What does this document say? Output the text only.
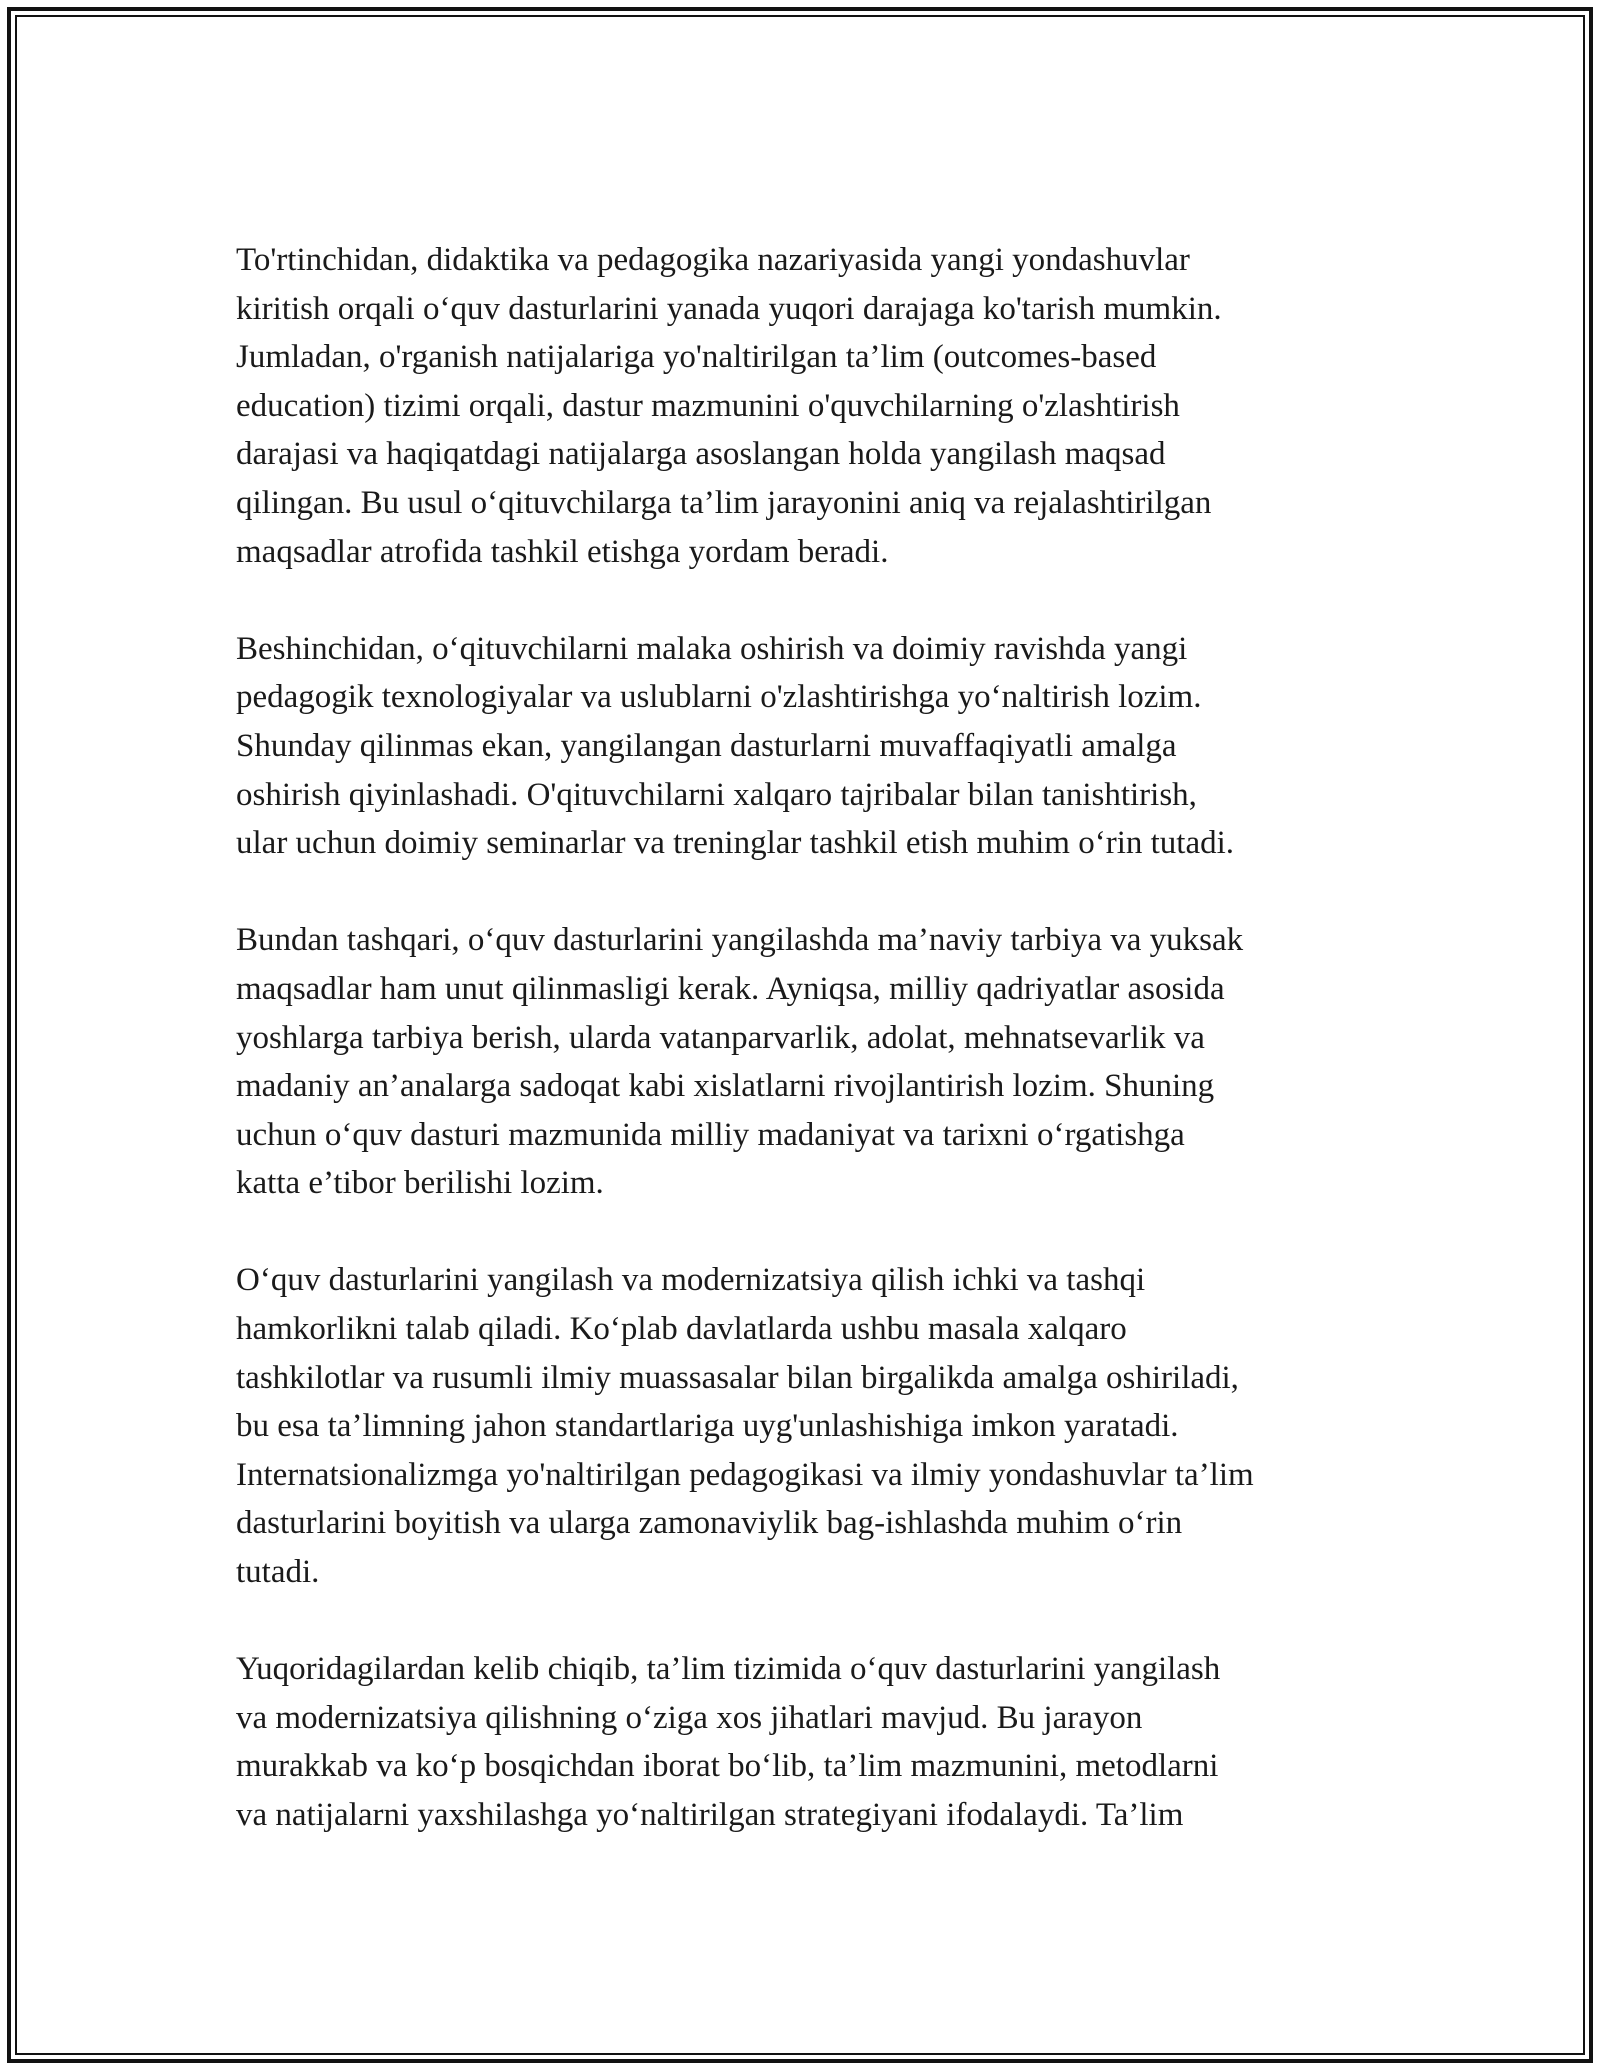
To'rtinchidan, didaktika va pedagogika nazariyasida yangi yondashuvlar
kiritish orqali o‘quv dasturlarini yanada yuqori darajaga ko'tarish mumkin.
Jumladan, o'rganish natijalariga yo'naltirilgan ta’lim (outcomes-based
education) tizimi orqali, dastur mazmunini o'quvchilarning o'zlashtirish
darajasi va haqiqatdagi natijalarga asoslangan holda yangilash maqsad
qilingan. Bu usul o‘qituvchilarga ta’lim jarayonini aniq va rejalashtirilgan
maqsadlar atrofida tashkil etishga yordam beradi.

Beshinchidan, o‘qituvchilarni malaka oshirish va doimiy ravishda yangi
pedagogik texnologiyalar va uslublarni o'zlashtirishga yo‘naltirish lozim.
Shunday qilinmas ekan, yangilangan dasturlarni muvaffaqiyatli amalga
oshirish qiyinlashadi. O'qituvchilarni xalqaro tajribalar bilan tanishtirish,
ular uchun doimiy seminarlar va treninglar tashkil etish muhim o‘rin tutadi.

Bundan tashqari, o‘quv dasturlarini yangilashda ma’naviy tarbiya va yuksak
maqsadlar ham unut qilinmasligi kerak. Ayniqsa, milliy qadriyatlar asosida
yoshlarga tarbiya berish, ularda vatanparvarlik, adolat, mehnatsevarlik va
madaniy an’analarga sadoqat kabi xislatlarni rivojlantirish lozim. Shuning
uchun o‘quv dasturi mazmunida milliy madaniyat va tarixni o‘rgatishga
katta e’tibor berilishi lozim.

O‘quv dasturlarini yangilash va modernizatsiya qilish ichki va tashqi
hamkorlikni talab qiladi. Ko‘plab davlatlarda ushbu masala xalqaro
tashkilotlar va rusumli ilmiy muassasalar bilan birgalikda amalga oshiriladi,
bu esa ta’limning jahon standartlariga uyg'unlashishiga imkon yaratadi.
Internatsionalizmga yo'naltirilgan pedagogikasi va ilmiy yondashuvlar ta’lim
dasturlarini boyitish va ularga zamonaviylik bag-ishlashda muhim o‘rin
tutadi.

Yuqoridagilardan kelib chiqib, ta’lim tizimida o‘quv dasturlarini yangilash
va modernizatsiya qilishning o‘ziga xos jihatlari mavjud. Bu jarayon
murakkab va ko‘p bosqichdan iborat bo‘lib, ta’lim mazmunini, metodlarni
va natijalarni yaxshilashga yo‘naltirilgan strategiyani ifodalaydi. Ta’lim
